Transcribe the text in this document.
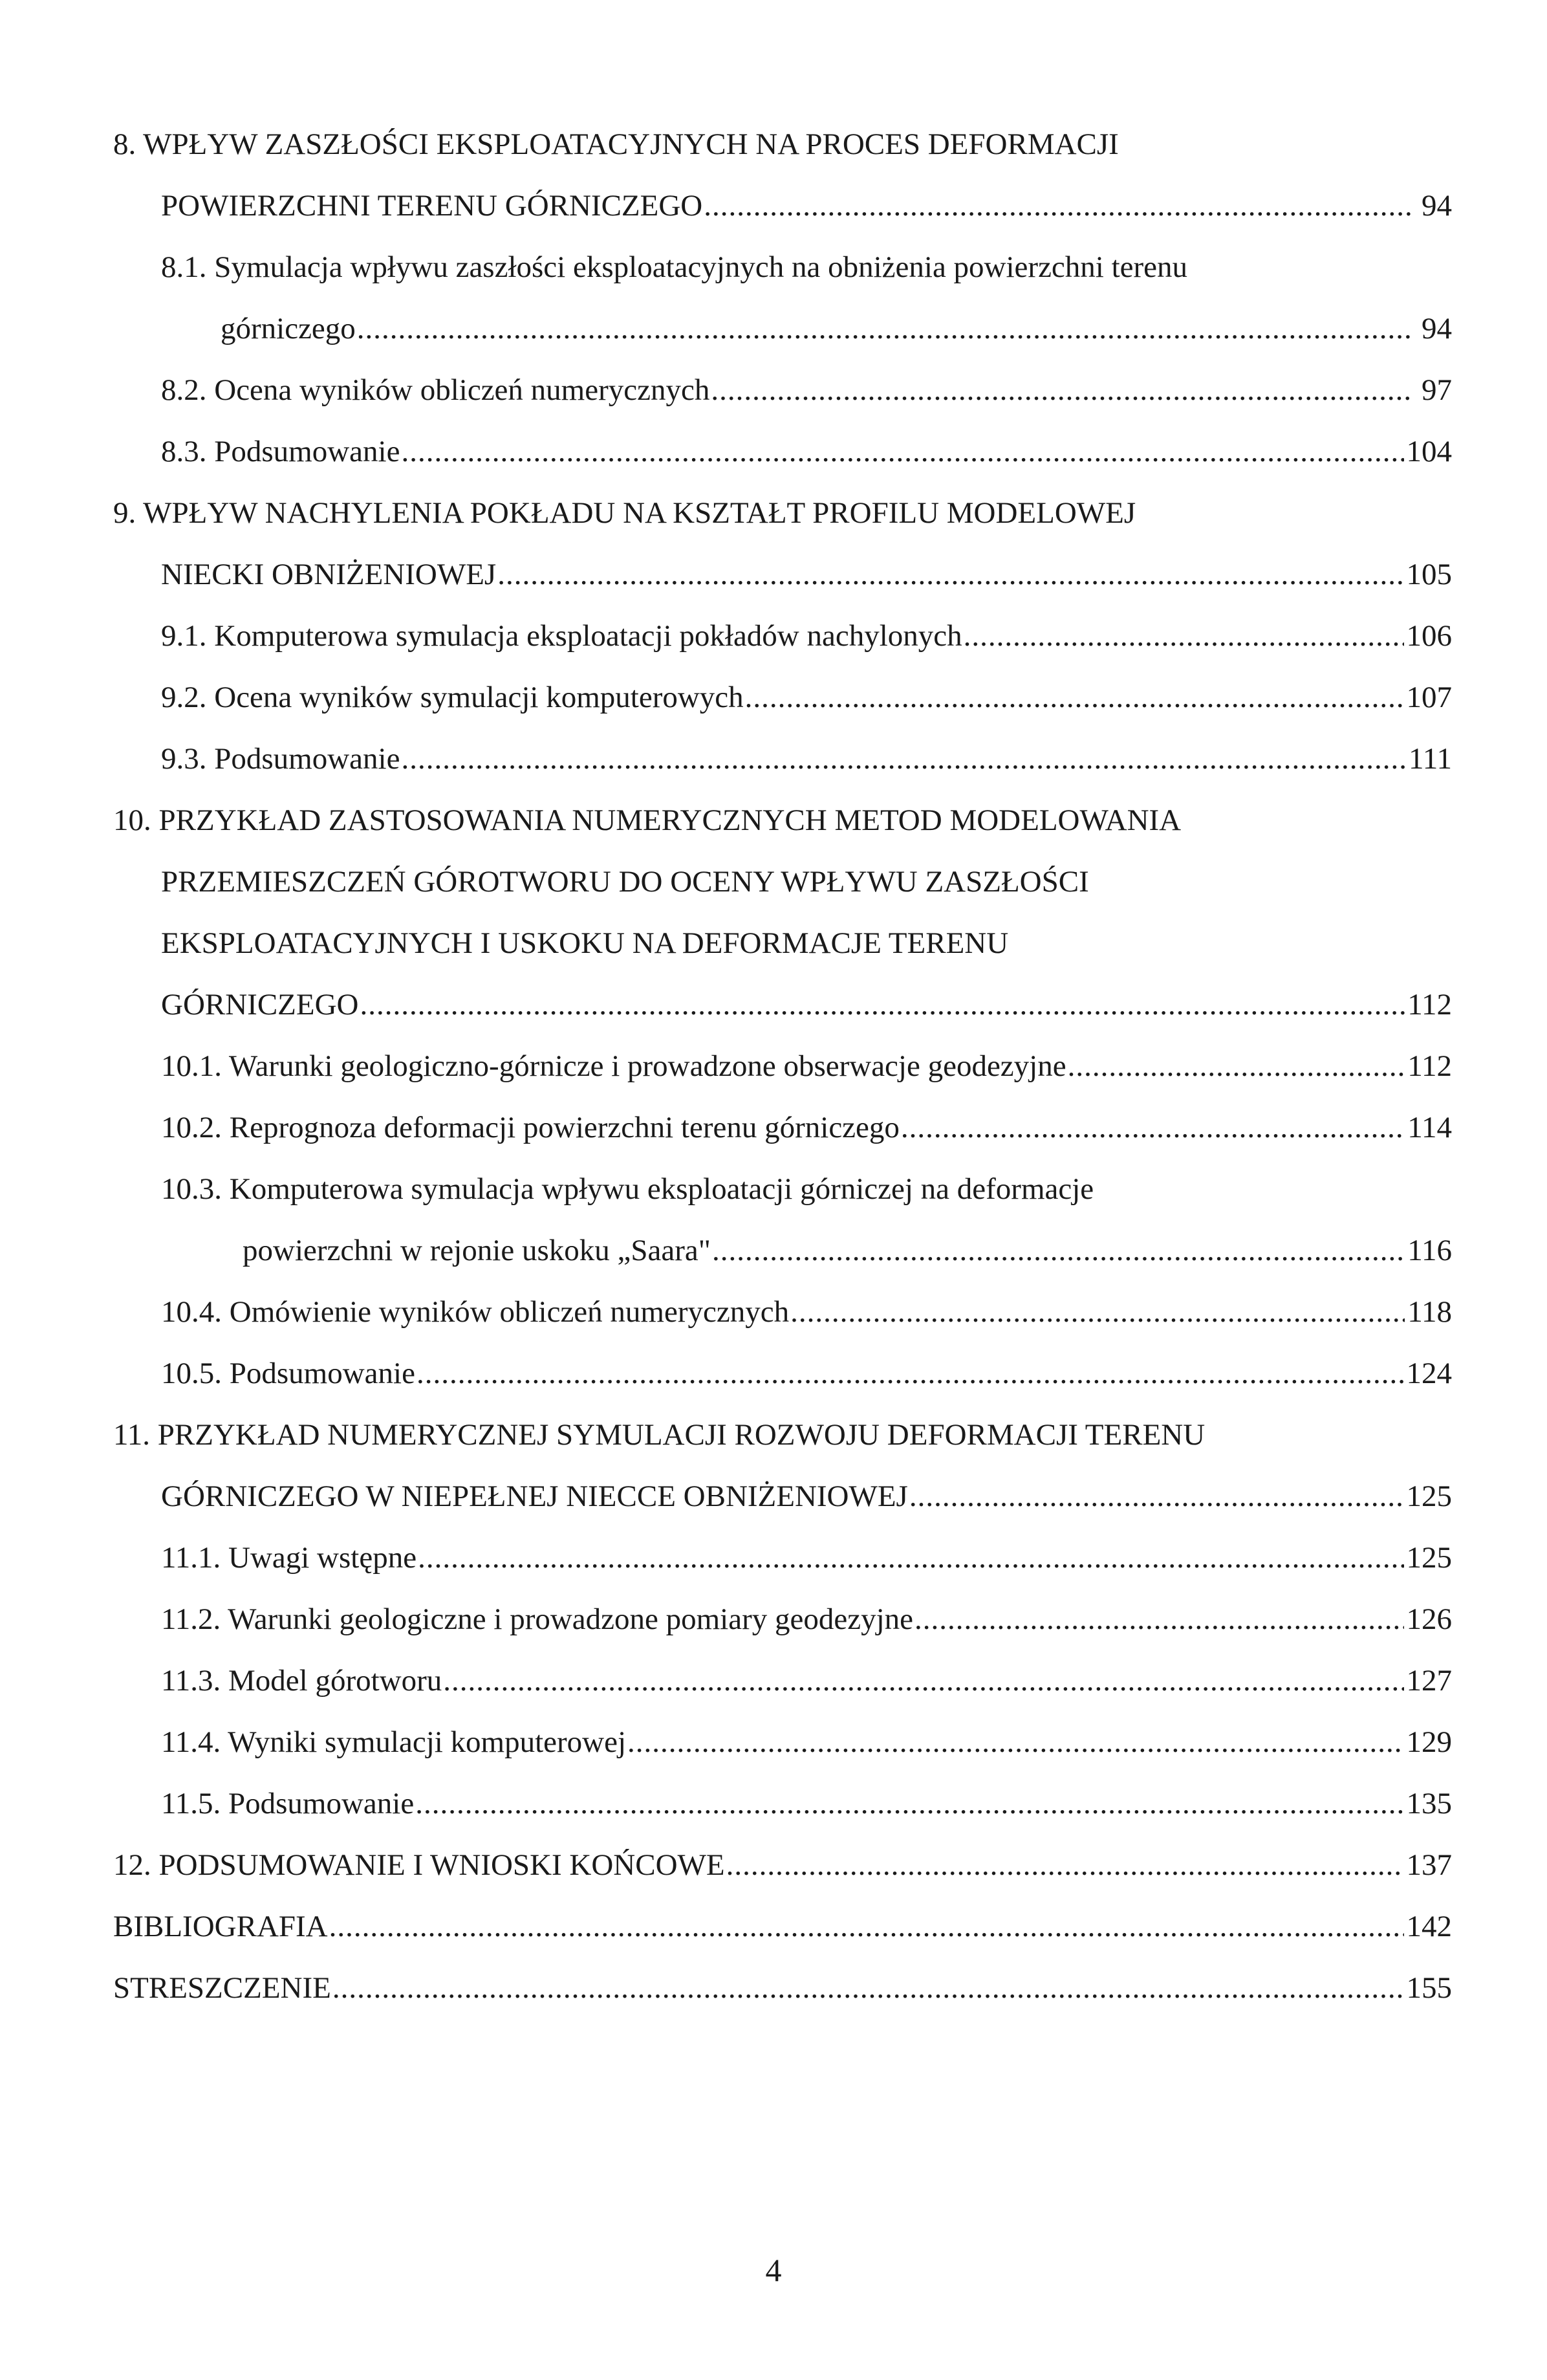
8. WPŁYW ZASZŁOŚCI EKSPLOATACYJNYCH NA PROCES DEFORMACJI
POWIERZCHNI TERENU GÓRNICZEGO .....	94
8.1. Symulacja wpływu zaszłości eksploatacyjnych na obniżenia powierzchni terenu
górniczego .....	94
8.2. Ocena wyników obliczeń numerycznych .....	97
8.3. Podsumowanie .....	104
9. WPŁYW NACHYLENIA POKŁADU NA KSZTAŁT PROFILU MODELOWEJ
NIECKI OBNIŻENIOWEJ .....	105
9.1. Komputerowa symulacja eksploatacji pokładów nachylonych .....	106
9.2. Ocena wyników symulacji komputerowych .....	107
9.3. Podsumowanie .....	111
10. PRZYKŁAD ZASTOSOWANIA NUMERYCZNYCH METOD MODELOWANIA
PRZEMIESZCZEŃ GÓROTWORU DO OCENY WPŁYWU ZASZŁOŚCI
EKSPLOATACYJNYCH I USKOKU NA DEFORMACJE TERENU
GÓRNICZEGO .....	112
10.1. Warunki geologiczno-górnicze i prowadzone obserwacje geodezyjne .....	112
10.2. Reprognoza deformacji powierzchni terenu górniczego .....	114
10.3. Komputerowa symulacja wpływu eksploatacji górniczej na deformacje
powierzchni w rejonie uskoku „Saara" .....	116
10.4. Omówienie wyników obliczeń numerycznych .....	118
10.5. Podsumowanie .....	124
11. PRZYKŁAD NUMERYCZNEJ SYMULACJI ROZWOJU DEFORMACJI TERENU
GÓRNICZEGO W NIEPEŁNEJ NIECCE OBNIŻENIOWEJ .....	125
11.1. Uwagi wstępne .....	125
11.2. Warunki geologiczne i prowadzone pomiary geodezyjne .....	126
11.3. Model górotworu .....	127
11.4. Wyniki symulacji komputerowej .....	129
11.5. Podsumowanie .....	135
12. PODSUMOWANIE I WNIOSKI KOŃCOWE .....	137
BIBLIOGRAFIA .....	142
STRESZCZENIE .....	155
4
